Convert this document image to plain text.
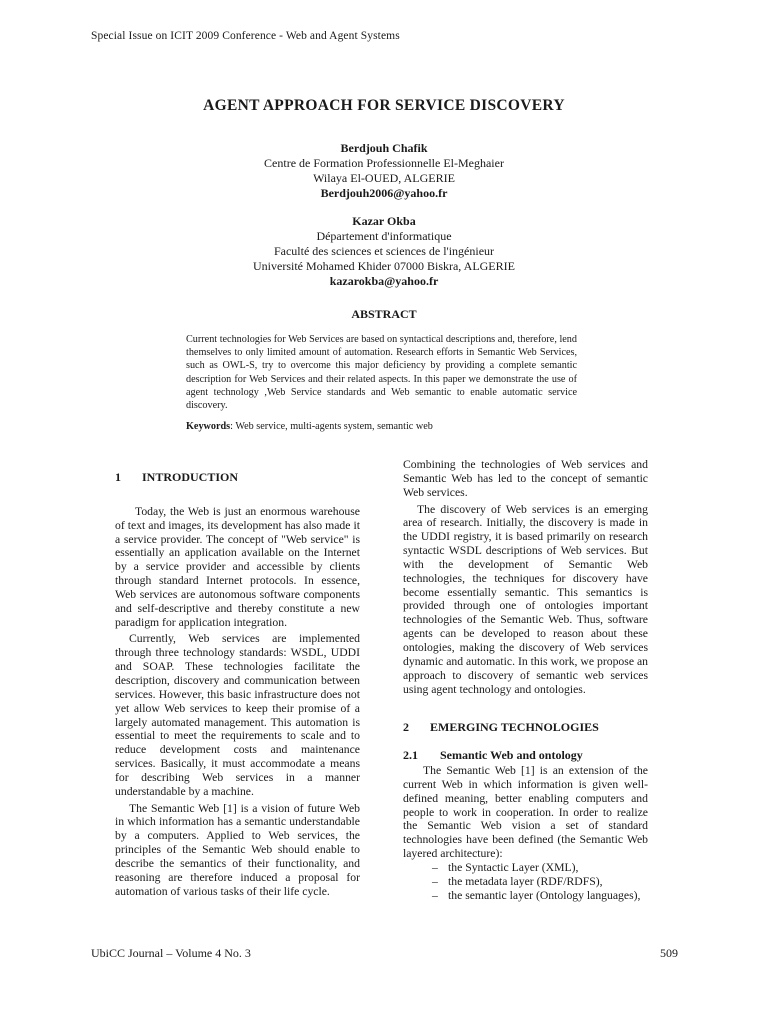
Special Issue on ICIT 2009 Conference - Web and Agent Systems
AGENT APPROACH FOR SERVICE DISCOVERY
Berdjouh Chafik
Centre de Formation Professionnelle El-Meghaier
Wilaya El-OUED, ALGERIE
Berdjouh2006@yahoo.fr
Kazar Okba
Département d'informatique
Faculté des sciences et sciences de l'ingénieur
Université Mohamed Khider 07000 Biskra, ALGERIE
kazarokba@yahoo.fr
ABSTRACT
Current technologies for Web Services are based on syntactical descriptions and, therefore, lend themselves to only limited amount of automation. Research efforts in Semantic Web Services, such as OWL-S, try to overcome this major deficiency by providing a complete semantic description for Web Services and their related aspects. In this paper we demonstrate the use of agent technology ,Web Service standards and Web semantic to enable automatic service discovery.
Keywords: Web service, multi-agents system, semantic web
1 INTRODUCTION

Today, the Web is just an enormous warehouse of text and images, its development has also made it a service provider. The concept of "Web service" is essentially an application available on the Internet by a service provider and accessible by clients through standard Internet protocols. In essence, Web services are autonomous software components and self-descriptive and thereby constitute a new paradigm for application integration.

Currently, Web services are implemented through three technology standards: WSDL, UDDI and SOAP. These technologies facilitate the description, discovery and communication between services. However, this basic infrastructure does not yet allow Web services to keep their promise of a largely automated management. This automation is essential to meet the requirements to scale and to reduce development costs and maintenance services. Basically, it must accommodate a means for describing Web services in a manner understandable by a machine.

The Semantic Web [1] is a vision of future Web in which information has a semantic understandable by a computers. Applied to Web services, the principles of the Semantic Web should enable to describe the semantics of their functionality, and reasoning are therefore induced a proposal for automation of various tasks of their life cycle.

Combining the technologies of Web services and Semantic Web has led to the concept of semantic Web services.

The discovery of Web services is an emerging area of research. Initially, the discovery is made in the UDDI registry, it is based primarily on research syntactic WSDL descriptions of Web services. But with the development of Semantic Web technologies, the techniques for discovery have become essentially semantic. This semantics is provided through one of ontologies important technologies of the Semantic Web. Thus, software agents can be developed to reason about these ontologies, making the discovery of Web services dynamic and automatic. In this work, we propose an approach to discovery of semantic web services using agent technology and ontologies.

2 EMERGING TECHNOLOGIES
2.1 Semantic Web and ontology

The Semantic Web [1] is an extension of the current Web in which information is given well-defined meaning, better enabling computers and people to work in cooperation. In order to realize the Semantic Web vision a set of standard technologies have been defined (the Semantic Web layered architecture):

– the Syntactic Layer (XML),
– the metadata layer (RDF/RDFS),
– the semantic layer (Ontology languages),
UbiCC Journal – Volume 4 No. 3	509
